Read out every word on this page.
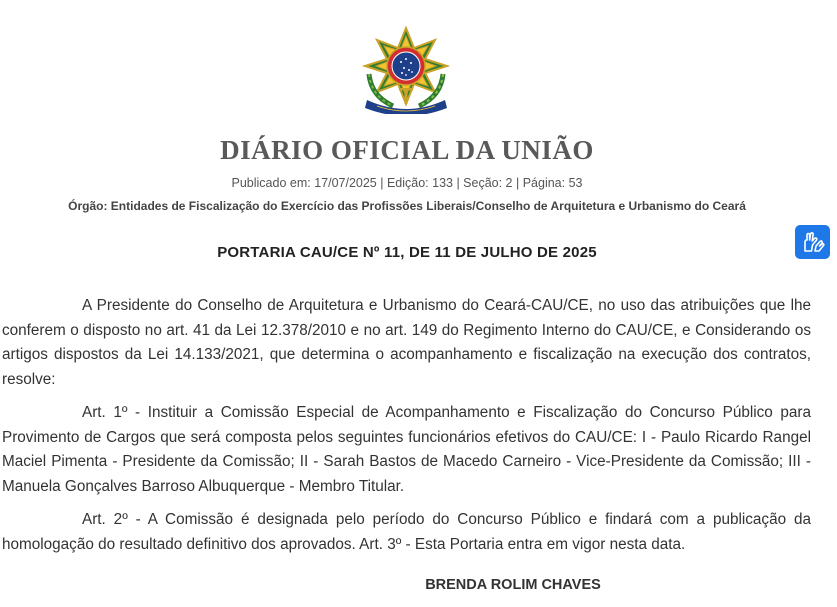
DIÁRIO OFICIAL DA UNIÃO
Publicado em: 17/07/2025 | Edição: 133 | Seção: 2 | Página: 53
Órgão: Entidades de Fiscalização do Exercício das Profissões Liberais/Conselho de Arquitetura e Urbanismo do Ceará
PORTARIA CAU/CE Nº 11, DE 11 DE JULHO DE 2025

A Presidente do Conselho de Arquitetura e Urbanismo do Ceará-CAU/CE, no uso das atribuições que lhe conferem o disposto no art. 41 da Lei 12.378/2010 e no art. 149 do Regimento Interno do CAU/CE, e Considerando os artigos dispostos da Lei 14.133/2021, que determina o acompanhamento e fiscalização na execução dos contratos, resolve:

Art. 1º - Instituir a Comissão Especial de Acompanhamento e Fiscalização do Concurso Público para Provimento de Cargos que será composta pelos seguintes funcionários efetivos do CAU/CE: I - Paulo Ricardo Rangel Maciel Pimenta - Presidente da Comissão; II - Sarah Bastos de Macedo Carneiro - Vice-Presidente da Comissão; III - Manuela Gonçalves Barroso Albuquerque - Membro Titular.

Art. 2º - A Comissão é designada pelo período do Concurso Público e findará com a publicação da homologação do resultado definitivo dos aprovados. Art. 3º - Esta Portaria entra em vigor nesta data.

BRENDA ROLIM CHAVES
